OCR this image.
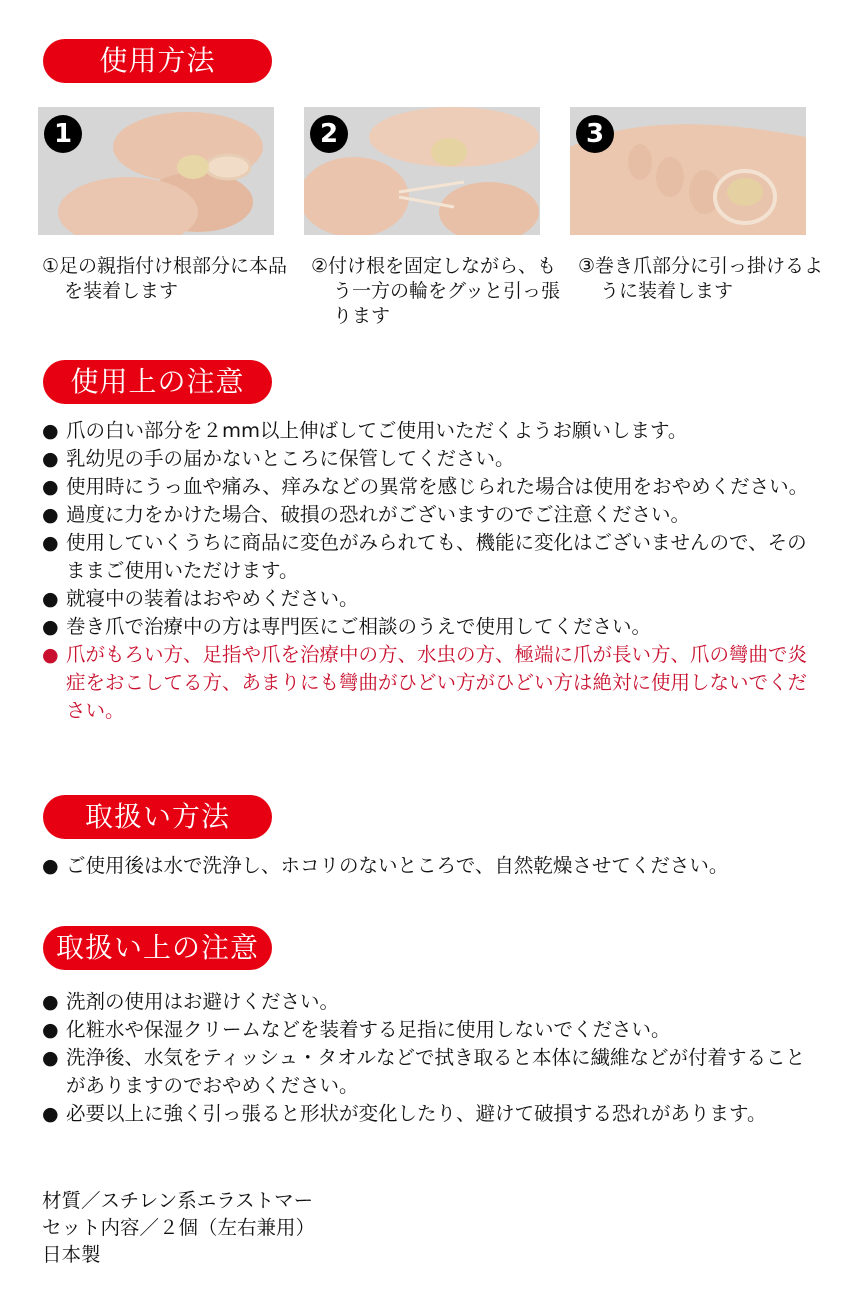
使用方法
1	2	3
①足の親指付け根部分に本品を装着します
②付け根を固定しながら、もう一方の輪をグッと引っ張ります
③巻き爪部分に引っ掛けるように装着します
使用上の注意
● 爪の白い部分を２mm以上伸ばしてご使用いただくようお願いします。
● 乳幼児の手の届かないところに保管してください。
● 使用時にうっ血や痛み、痒みなどの異常を感じられた場合は使用をおやめください。
● 過度に力をかけた場合、破損の恐れがございますのでご注意ください。
● 使用していくうちに商品に変色がみられても、機能に変化はございませんので、そのままご使用いただけます。
● 就寝中の装着はおやめください。
● 巻き爪で治療中の方は専門医にご相談のうえで使用してください。
● 爪がもろい方、足指や爪を治療中の方、水虫の方、極端に爪が長い方、爪の彎曲で炎症をおこしてる方、あまりにも彎曲がひどい方がひどい方は絶対に使用しないでください。
取扱い方法
● ご使用後は水で洗浄し、ホコリのないところで、自然乾燥させてください。
取扱い上の注意
● 洗剤の使用はお避けください。
● 化粧水や保湿クリームなどを装着する足指に使用しないでください。
● 洗浄後、水気をティッシュ・タオルなどで拭き取ると本体に繊維などが付着することがありますのでおやめください。
● 必要以上に強く引っ張ると形状が変化したり、避けて破損する恐れがあります。
材質／スチレン系エラストマー
セット内容／２個（左右兼用）
日本製
